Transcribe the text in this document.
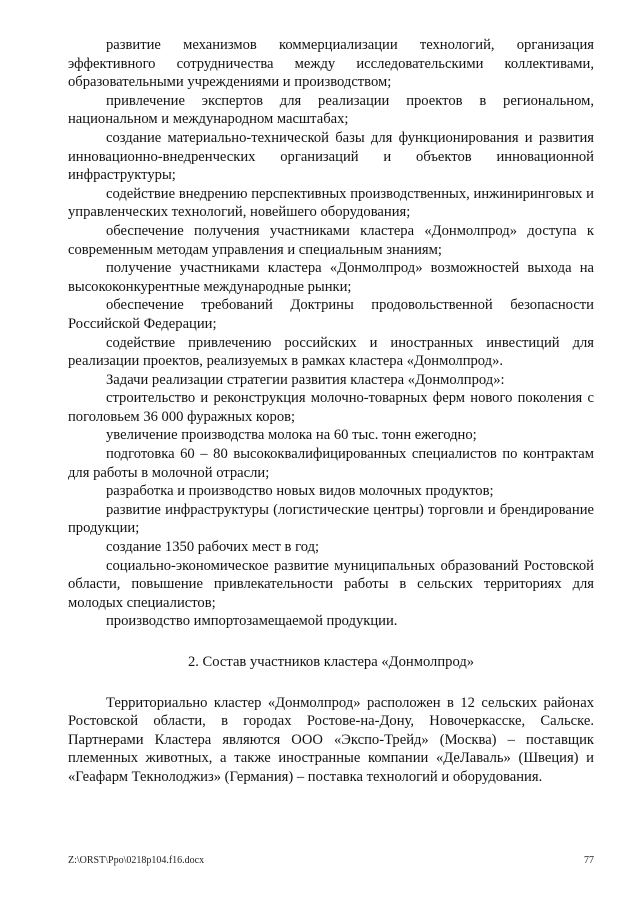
развитие механизмов коммерциализации технологий, организация эффективного сотрудничества между исследовательскими коллективами, образовательными учреждениями и производством;

привлечение экспертов для реализации проектов в региональном, национальном и международном масштабах;

создание материально-технической базы для функционирования и развития инновационно-внедренческих организаций и объектов инновационной инфраструктуры;

содействие внедрению перспективных производственных, инжиниринговых и управленческих технологий, новейшего оборудования;

обеспечение получения участниками кластера «Донмолпрод» доступа к современным методам управления и специальным знаниям;

получение участниками кластера «Донмолпрод» возможностей выхода на высококонкурентные международные рынки;

обеспечение требований Доктрины продовольственной безопасности Российской Федерации;

содействие привлечению российских и иностранных инвестиций для реализации проектов, реализуемых в рамках кластера «Донмолпрод».

Задачи реализации стратегии развития кластера «Донмолпрод»:

строительство и реконструкция молочно-товарных ферм нового поколения с поголовьем 36 000 фуражных коров;

увеличение производства молока на 60 тыс. тонн ежегодно;

подготовка 60 – 80 высококвалифицированных специалистов по контрактам для работы в молочной отрасли;

разработка и производство новых видов молочных продуктов;

развитие инфраструктуры (логистические центры) торговли и брендирование продукции;

создание 1350 рабочих мест в год;

социально-экономическое развитие муниципальных образований Ростовской области, повышение привлекательности работы в сельских территориях для молодых специалистов;

производство импортозамещаемой продукции.

2. Состав участников кластера «Донмолпрод»

Территориально кластер «Донмолпрод» расположен в 12 сельских районах Ростовской области, в городах Ростове-на-Дону, Новочеркасске, Сальске. Партнерами Кластера являются ООО «Экспо-Трейд» (Москва) – поставщик племенных животных, а также иностранные компании «ДеЛаваль» (Швеция) и «Геафарм Текнолоджиз» (Германия) – поставка технологий и оборудования.

Z:\ORST\Ppo\0218p104.f16.docx	77
